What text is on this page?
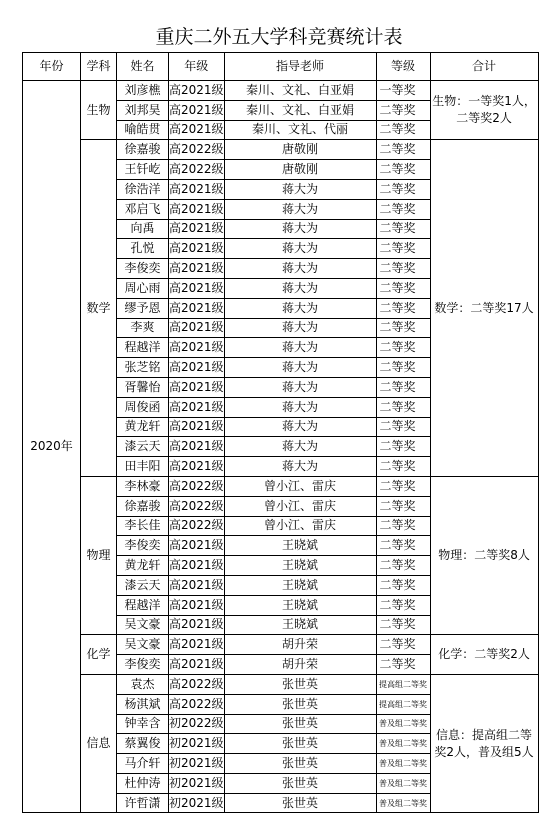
重庆二外五大学科竞赛统计表
年份	学科	姓名	年级	指导老师	等级	合计
2020年	生物	刘彦樵	高2021级	秦川、文礼、白亚娟	一等奖	生物：一等奖1人，二等奖2人
		刘邦昊	高2021级	秦川、文礼、白亚娟	二等奖	
		喻皓贯	高2021级	秦川、文礼、代丽	二等奖	
	数学	徐嘉骏	高2022级	唐敬刚	二等奖	数学：二等奖17人
		王钎屹	高2022级	唐敬刚	二等奖	
		徐浩洋	高2021级	蒋大为	二等奖	
		邓启飞	高2021级	蒋大为	二等奖	
		向禹	高2021级	蒋大为	二等奖	
		孔悦	高2021级	蒋大为	二等奖	
		李俊奕	高2021级	蒋大为	二等奖	
		周心雨	高2021级	蒋大为	二等奖	
		缪予恩	高2021级	蒋大为	二等奖	
		李爽	高2021级	蒋大为	二等奖	
		程越洋	高2021级	蒋大为	二等奖	
		张芝铭	高2021级	蒋大为	二等奖	
		胥馨怡	高2021级	蒋大为	二等奖	
		周俊函	高2021级	蒋大为	二等奖	
		黄龙轩	高2021级	蒋大为	二等奖	
		漆云天	高2021级	蒋大为	二等奖	
		田丰阳	高2021级	蒋大为	二等奖	
	物理	李林豪	高2022级	曾小江、雷庆	二等奖	物理：二等奖8人
		徐嘉骏	高2022级	曾小江、雷庆	二等奖	
		李长佳	高2022级	曾小江、雷庆	二等奖	
		李俊奕	高2021级	王晓斌	二等奖	
		黄龙轩	高2021级	王晓斌	二等奖	
		漆云天	高2021级	王晓斌	二等奖	
		程越洋	高2021级	王晓斌	二等奖	
		吴文豪	高2021级	王晓斌	二等奖	
	化学	吴文豪	高2021级	胡升荣	二等奖	化学：二等奖2人
		李俊奕	高2021级	胡升荣	二等奖	
	信息	袁杰	高2022级	张世英	提高组二等奖	信息：提高组二等奖2人，普及组5人
		杨淇斌	高2022级	张世英	提高组二等奖	
		钟幸含	初2022级	张世英	普及组二等奖	
		蔡翼俊	初2021级	张世英	普及组二等奖	
		马介轩	初2021级	张世英	普及组二等奖	
		杜仲涛	初2021级	张世英	普及组二等奖	
		许哲潇	初2021级	张世英	普及组二等奖	
